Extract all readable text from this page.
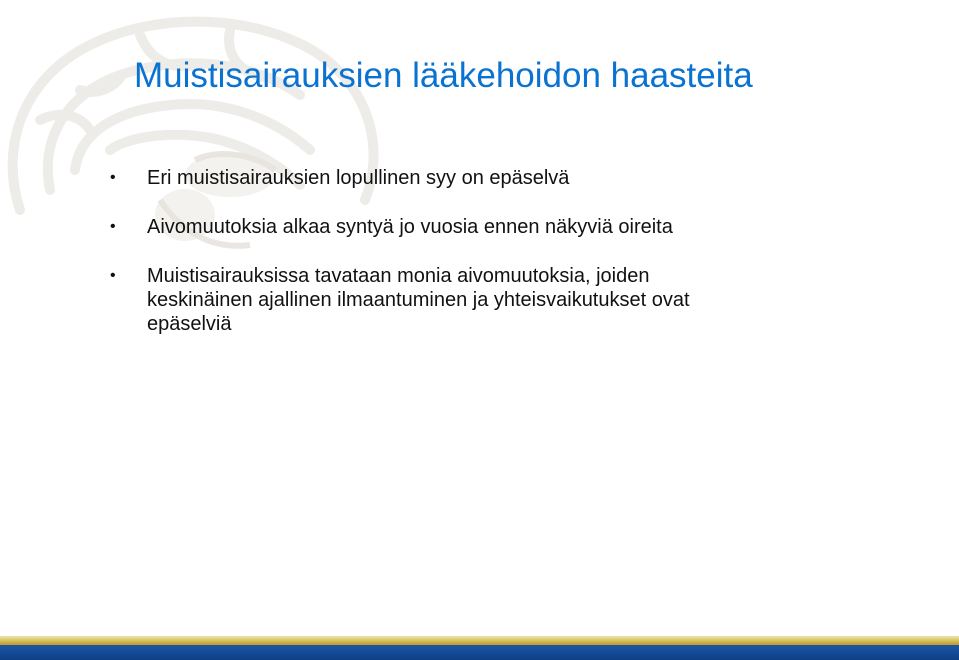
Muistisairauksien lääkehoidon haasteita
• Eri muistisairauksien lopullinen syy on epäselvä
• Aivomuutoksia alkaa syntyä jo vuosia ennen näkyviä oireita
• Muistisairauksissa tavataan monia aivomuutoksia, joiden keskinäinen ajallinen ilmaantuminen ja yhteisvaikutukset ovat epäselviä
